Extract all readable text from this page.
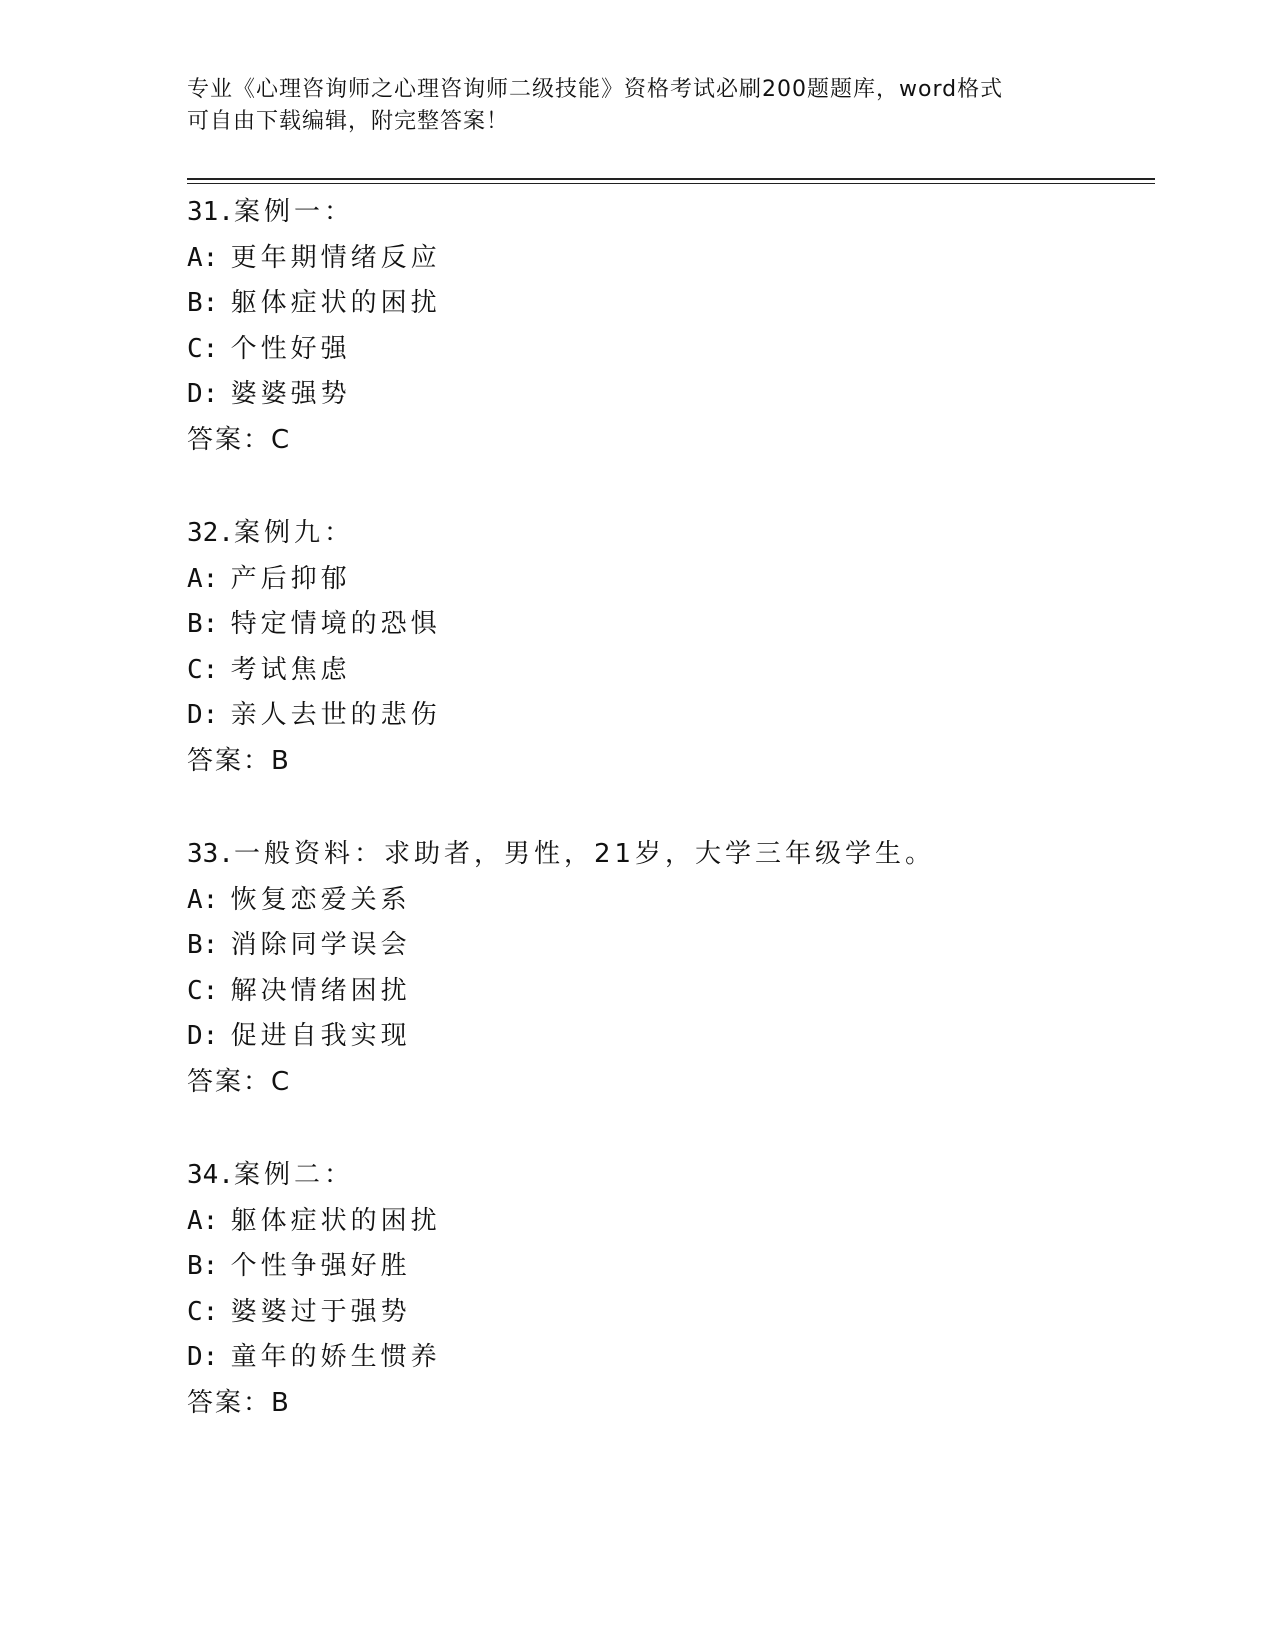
专业《心理咨询师之心理咨询师二级技能》资格考试必刷200题题库，word格式
可自由下载编辑，附完整答案！
31.案例一：
A: 更年期情绪反应
B: 躯体症状的困扰
C: 个性好强
D: 婆婆强势
答案：C
32.案例九：
A: 产后抑郁
B: 特定情境的恐惧
C: 考试焦虑
D: 亲人去世的悲伤
答案：B
33.一般资料：求助者，男性，21岁，大学三年级学生。
A: 恢复恋爱关系
B: 消除同学误会
C: 解决情绪困扰
D: 促进自我实现
答案：C
34.案例二：
A: 躯体症状的困扰
B: 个性争强好胜
C: 婆婆过于强势
D: 童年的娇生惯养
答案：B
